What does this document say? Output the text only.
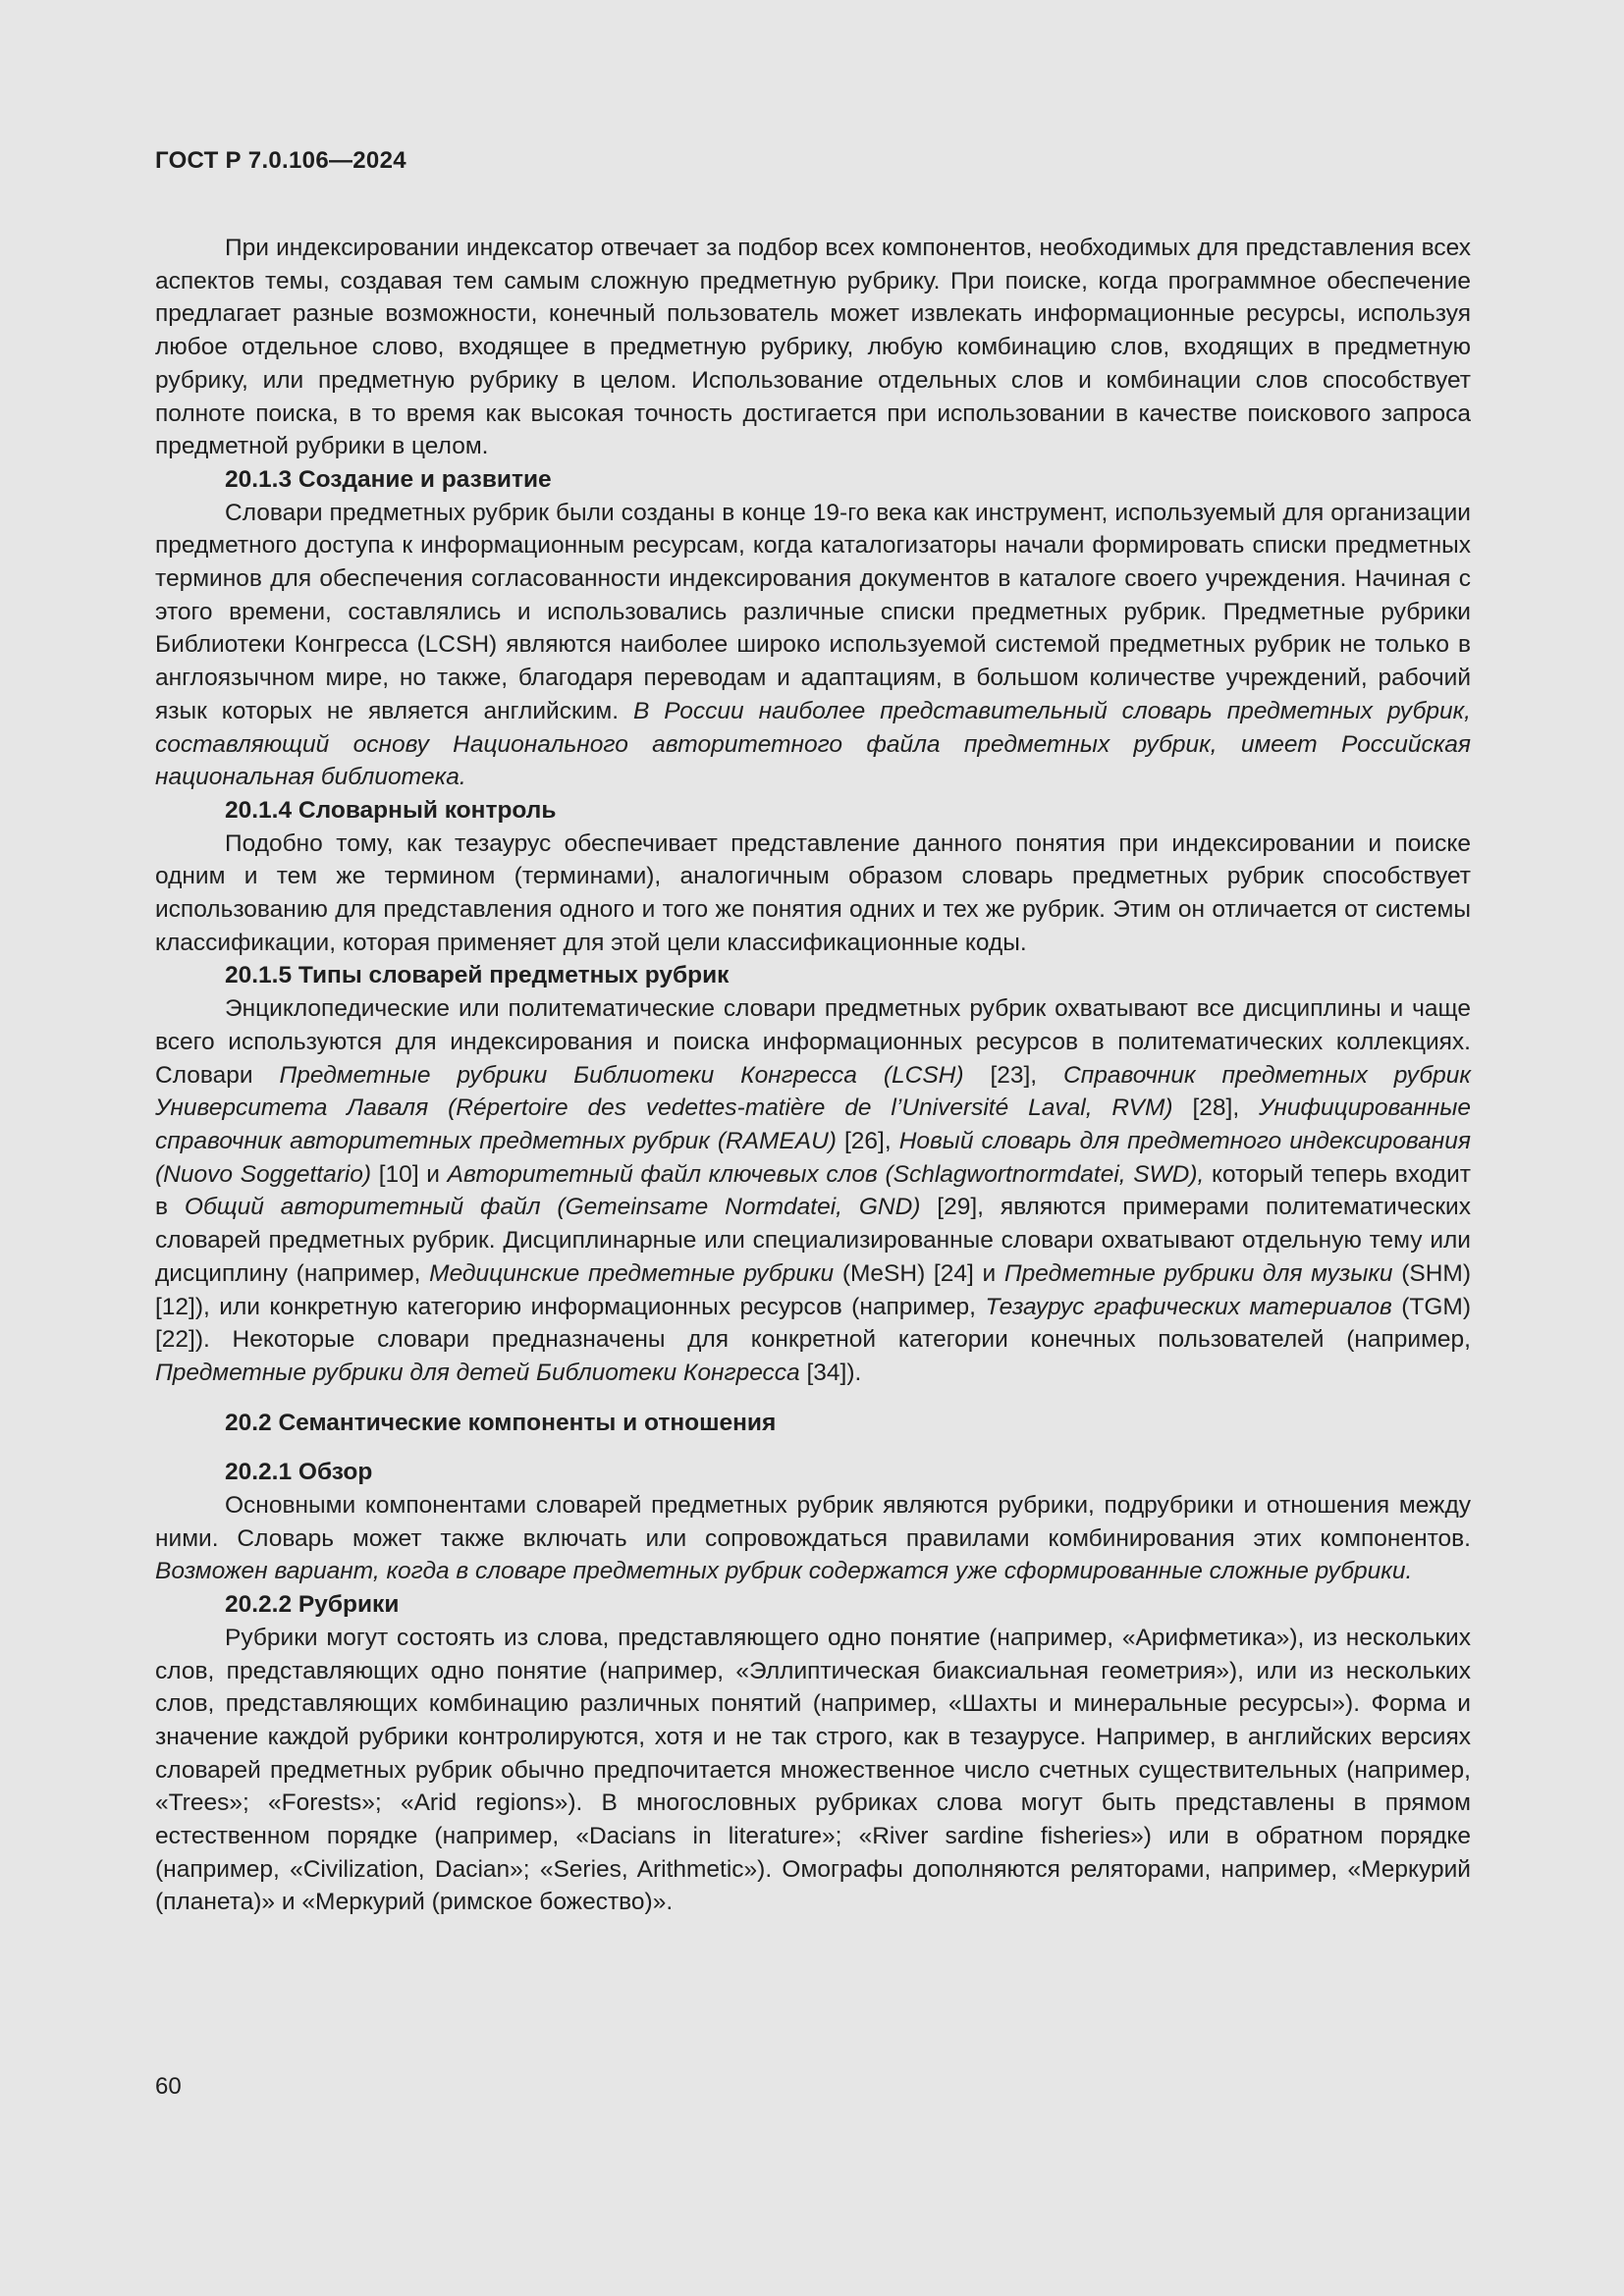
ГОСТ Р 7.0.106—2024

При индексировании индексатор отвечает за подбор всех компонентов, необходимых для представления всех аспектов темы, создавая тем самым сложную предметную рубрику. При поиске, когда программное обеспечение предлагает разные возможности, конечный пользователь может извлекать информационные ресурсы, используя любое отдельное слово, входящее в предметную рубрику, любую комбинацию слов, входящих в предметную рубрику, или предметную рубрику в целом. Использование отдельных слов и комбинации слов способствует полноте поиска, в то время как высокая точность достигается при использовании в качестве поискового запроса предметной рубрики в целом.

20.1.3 Создание и развитие

Словари предметных рубрик были созданы в конце 19-го века как инструмент, используемый для организации предметного доступа к информационным ресурсам, когда каталогизаторы начали формировать списки предметных терминов для обеспечения согласованности индексирования документов в каталоге своего учреждения. Начиная с этого времени, составлялись и использовались различные списки предметных рубрик. Предметные рубрики Библиотеки Конгресса (LCSH) являются наиболее широко используемой системой предметных рубрик не только в англоязычном мире, но также, благодаря переводам и адаптациям, в большом количестве учреждений, рабочий язык которых не является английским. В России наиболее представительный словарь предметных рубрик, составляющий основу Национального авторитетного файла предметных рубрик, имеет Российская национальная библиотека.

20.1.4 Словарный контроль

Подобно тому, как тезаурус обеспечивает представление данного понятия при индексировании и поиске одним и тем же термином (терминами), аналогичным образом словарь предметных рубрик способствует использованию для представления одного и того же понятия одних и тех же рубрик. Этим он отличается от системы классификации, которая применяет для этой цели классификационные коды.

20.1.5 Типы словарей предметных рубрик

Энциклопедические или политематические словари предметных рубрик охватывают все дисциплины и чаще всего используются для индексирования и поиска информационных ресурсов в политематических коллекциях. Словари Предметные рубрики Библиотеки Конгресса (LCSH) [23], Справочник предметных рубрик Университета Лаваля (Répertoire des vedettes-matière de l’Université Laval, RVM) [28], Унифицированные справочник авторитетных предметных рубрик (RAMEAU) [26], Новый словарь для предметного индексирования (Nuovo Soggettario) [10] и Авторитетный файл ключевых слов (Schlagwortnormdatei, SWD), который теперь входит в Общий авторитетный файл (Gemeinsame Normdatei, GND) [29], являются примерами политематических словарей предметных рубрик. Дисциплинарные или специализированные словари охватывают отдельную тему или дисциплину (например, Медицинские предметные рубрики (MeSH) [24] и Предметные рубрики для музыки (SHM) [12]), или конкретную категорию информационных ресурсов (например, Тезаурус графических материалов (TGM) [22]). Некоторые словари предназначены для конкретной категории конечных пользователей (например, Предметные рубрики для детей Библиотеки Конгресса [34]).

20.2 Семантические компоненты и отношения
20.2.1 Обзор

Основными компонентами словарей предметных рубрик являются рубрики, подрубрики и отношения между ними. Словарь может также включать или сопровождаться правилами комбинирования этих компонентов. Возможен вариант, когда в словаре предметных рубрик содержатся уже сформированные сложные рубрики.

20.2.2 Рубрики

Рубрики могут состоять из слова, представляющего одно понятие (например, «Арифметика»), из нескольких слов, представляющих одно понятие (например, «Эллиптическая биаксиальная геометрия»), или из нескольких слов, представляющих комбинацию различных понятий (например, «Шахты и минеральные ресурсы»). Форма и значение каждой рубрики контролируются, хотя и не так строго, как в тезаурусе. Например, в английских версиях словарей предметных рубрик обычно предпочитается множественное число счетных существительных (например, «Trees»; «Forests»; «Arid regions»). В многословных рубриках слова могут быть представлены в прямом естественном порядке (например, «Dacians in literature»; «River sardine fisheries») или в обратном порядке (например, «Civilization, Dacian»; «Series, Arithmetic»). Омографы дополняются реляторами, например, «Меркурий (планета)» и «Меркурий (римское божество)».

60
